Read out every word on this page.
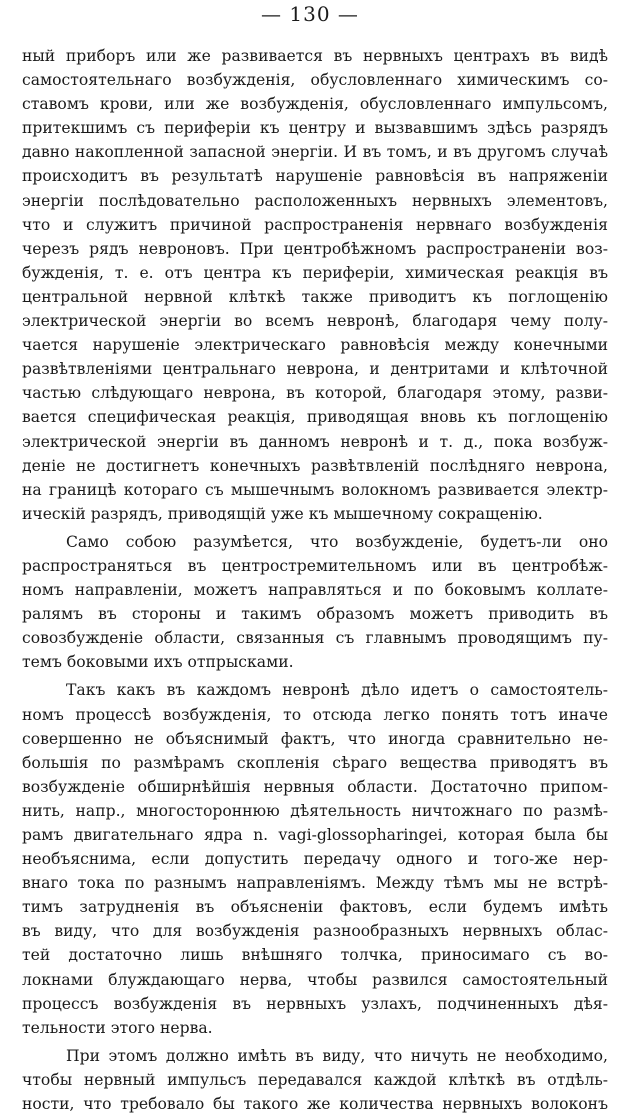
— 130 —
ный приборъ или же развивается въ нервныхъ центрахъ въ видѣ
самостоятельнаго возбужденія, обусловленнаго химическимъ со-
ставомъ крови, или же возбужденія, обусловленнаго импульсомъ,
притекшимъ съ периферіи къ центру и вызвавшимъ здѣсь разрядъ
давно накопленной запасной энергіи. И въ томъ, и въ другомъ случаѣ
происходитъ въ результатѣ нарушеніе равновѣсія въ напряженіи
энергіи послѣдовательно расположенныхъ нервныхъ элементовъ,
что и служитъ причиной распространенія нервнаго возбужденія
черезъ рядъ невроновъ. При центробѣжномъ распространеніи воз-
бужденія, т. е. отъ центра къ периферіи, химическая реакція въ
центральной нервной клѣткѣ также приводитъ къ поглощенію
электрической энергіи во всемъ невронѣ, благодаря чему полу-
чается нарушеніе электрическаго равновѣсія между конечными
развѣтвленіями центральнаго неврона, и дентритами и клѣточной
частью слѣдующаго неврона, въ которой, благодаря этому, разви-
вается специфическая реакція, приводящая вновь къ поглощенію
электрической энергіи въ данномъ невронѣ и т. д., пока возбуж-
деніе не достигнетъ конечныхъ развѣтвленій послѣдняго неврона,
на границѣ котораго съ мышечнымъ волокномъ развивается электр-
ическій разрядъ, приводящій уже къ мышечному сокращенію.
Само собою разумѣется, что возбужденіе, будетъ-ли оно
распространяться въ центростремительномъ или въ центробѣж-
номъ направленіи, можетъ направляться и по боковымъ коллате-
ралямъ въ стороны и такимъ образомъ можетъ приводить въ
совозбужденіе области, связанныя съ главнымъ проводящимъ пу-
темъ боковыми ихъ отпрысками.
Такъ какъ въ каждомъ невронѣ дѣло идетъ о самостоятель-
номъ процессѣ возбужденія, то отсюда легко понять тотъ иначе
совершенно не объяснимый фактъ, что иногда сравнительно не-
большія по размѣрамъ скопленія сѣраго вещества приводятъ въ
возбужденіе обширнѣйшія нервныя области. Достаточно припом-
нить, напр., многостороннюю дѣятельность ничтожнаго по размѣ-
рамъ двигательнаго ядра n. vagi-glossopharingei, которая была бы
необъяснима, если допустить передачу одного и того-же нер-
внаго тока по разнымъ направленіямъ. Между тѣмъ мы не встрѣ-
тимъ затрудненія въ объясненіи фактовъ, если будемъ имѣть
въ виду, что для возбужденія разнообразныхъ нервныхъ облас-
тей достаточно лишь внѣшняго толчка, приносимаго съ во-
локнами блуждающаго нерва, чтобы развился самостоятельный
процессъ возбужденія въ нервныхъ узлахъ, подчиненныхъ дѣя-
тельности этого нерва.
При этомъ должно имѣть въ виду, что ничуть не необходимо,
чтобы нервный импульсъ передавался каждой клѣткѣ въ отдѣль-
ности, что требовало бы такого же количества нервныхъ волоконъ
